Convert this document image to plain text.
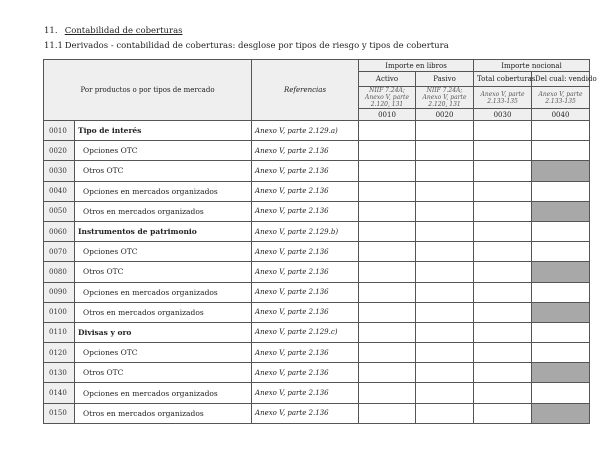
11. Contabilidad de coberturas
11.1 Derivados - contabilidad de coberturas: desglose por tipos de riesgo y tipos de cobertura
Por productos o por tipos de mercado		Referencias	Importe en libros		Importe nocional	
			Activo	Pasivo	Total coberturas	Del cual: vendido
			NIIF 7.24A; Anexo V, parte 2.120, 131	NIIF 7.24A; Anexo V, parte 2.120, 131	Anexo V, parte 2.133-135	Anexo V, parte 2.133-135
			0010	0020	0030	0040
0010	Tipo de interés	Anexo V, parte 2.129.a)				
0020	Opciones OTC	Anexo V, parte 2.136				
0030	Otros OTC	Anexo V, parte 2.136				
0040	Opciones en mercados organizados	Anexo V, parte 2.136				
0050	Otros en mercados organizados	Anexo V, parte 2.136				
0060	Instrumentos de patrimonio	Anexo V, parte 2.129.b)				
0070	Opciones OTC	Anexo V, parte 2.136				
0080	Otros OTC	Anexo V, parte 2.136				
0090	Opciones en mercados organizados	Anexo V, parte 2.136				
0100	Otros en mercados organizados	Anexo V, parte 2.136				
0110	Divisas y oro	Anexo V, parte 2.129.c)				
0120	Opciones OTC	Anexo V, parte 2.136				
0130	Otros OTC	Anexo V, parte 2.136				
0140	Opciones en mercados organizados	Anexo V, parte 2.136				
0150	Otros en mercados organizados	Anexo V, parte 2.136				
